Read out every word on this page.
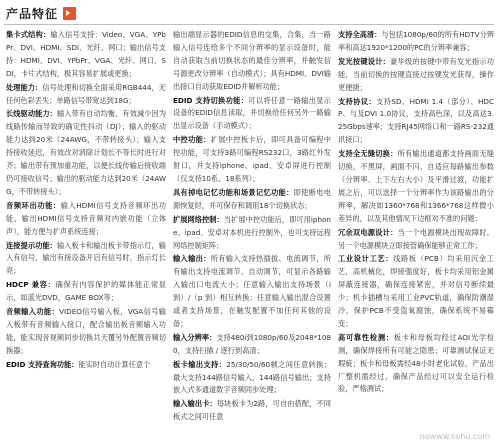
产品特征

集卡式结构：输入信号支持：Video、VGA、YPbPr、DVI、HDMI、SDI、光纤、网口；输出信号支持：HDMI、DVI、YPbPr、VGA、光纤、网口、SDI，卡片式结构，极其容易扩展或更换；

处理能力：信号处理和切换全面采用RGB444，无任何色彩丢失；单路信号带宽达到18G；

长线驱动能力：输入带有自动均衡，有效减少因为线路传输而导致的确定性抖动（DJ）；输入的驱动能力达到20米（24AWG，不带转接头）；输入支持接收延迟，有效改对消除计划长不等长时进行对齐；输出带有预加重功能，以便长线传输后接收端仍可接收信号；输出的驱动能力达到20米（24AWG，不带转接头）；

音频环出功能：输入HDMI信号支持音频环出功能，输出HDMI信号支持音频对内嵌功能（立体声），能方便与扩声系统连接；

连接提示功能：输入板卡和输出板卡带指示灯，输入有信号，输出有接设备开启有信号时，指示灯长亮；

HDCP 兼容：确保有内容保护的媒体能正常显示，如蓝光DVD，GAME BOX等；

音频输入功能：VIDEO信号输入板，VGA信号输入板带有音频输入接口，配合输出板音频输入功能，能实现音视频同步切换共天覆另外配置音频切换器；

EDID 支持查询功能：能实时自动计算任意个

输出端显示器的EDID信息的交集，合集，当一路输入信号连给多个不同分辨率的显示设备时，能自动获取当前切换状态的最佳分辨率，并触发信号源更改分辨率（自动模式）；具有HDMI、DVI输出接口自动获取EDID并解析功能；

EDID 支持切换功能：可以将任意一路输出显示设备的EDID信息读取，并切换给任何另外一路输出显示设备（手动模式）；

中控功能：扩展中控板卡后，即可具备可编程中控功能，可支持3路可编程RS232口，3路红外发射口，并支持iphone、ipad、安卓屏进行控制（仅支持10系、18系列）；

具有掉电记忆功能和场景记忆功能：即使断电电源恢复时，并可保存和调用18个切换状态；

扩展网络控制：当扩展中控功能后，即可用iphone、ipad、安卓对本机进行控制外，也可支持远程网络控制矩阵；

输入输出：所有输入支持热插拔、电流调节，所有输出支持电流调节、自动调节，可显示各路输入输出口电流大小；任意输入输出支持场景（i 到）/（p 到）相互转换；任意输入输出混合设置或者支持场景，在触发配置不加任何其他的设备；

输入分辨率：支持480i到1080p/60及2048*1080，支持扫描 / 逐行到高清；

板卡输出支持：25/30/50/60帧之间任意转换；最大支持144路信号输入，144路信号输出；支持嵌入式多通道数字音频同步处理；

输入输出卡：每块板卡为2路，可自由搭配，不同板式之间可任意

支持全高清：与包括1080p/60的所有HDTV分辨率和高达1920*1200的PC的分辨率兼容；

发光按键设计：豪华级的按键中带有发光指示功能，当前切换的按键直接过按键发光获得，操作更便捷；

支持协议：支持SD、HDMI 1.4（部分）、HDCP、与及DVI 1.0协议，支持高色深，以及高达3.25Gbps速率；支持RJ45网络口和一路RS-232通讯接口；

支持全无缝切换：所有输出通道都支持画面无缝切换，不黑屏，画面不闪，自适应每路输出参数（分辨率、上下左右大小）及平滑过渡，功能扩展之后，可以选择一个分辨率作为该路输出的分辨率，解决如1360*768和1366*768这样微小差异的，以及其他情况下边框对不准的问题；

冗余双电源设计：当一个电源模块出现故障时，另一个电源模块立即接管确保能够正常工作；

工业设计工艺：线路板（PCB）均采用沉金工艺，高机械化，焊接强度好，板卡均采用铝金属屏蔽连接器，确保连接紧密，并对信号断续最少；机卡插槽与采用工业PVC轨道，确保防潮湿冷，保护PCB不受盗氧腐蚀，确保系统不易霉变；

高可靠性检测：板卡和母板均经过AOI光学检测，确保焊接所有可能之隐患；可靠测试保证无瑕疵；板卡和母板需经48小时老化试验，产品出厂整机需经过，确保产品经过可以安全运行检验，严格测试；

nowww.sohu.com
